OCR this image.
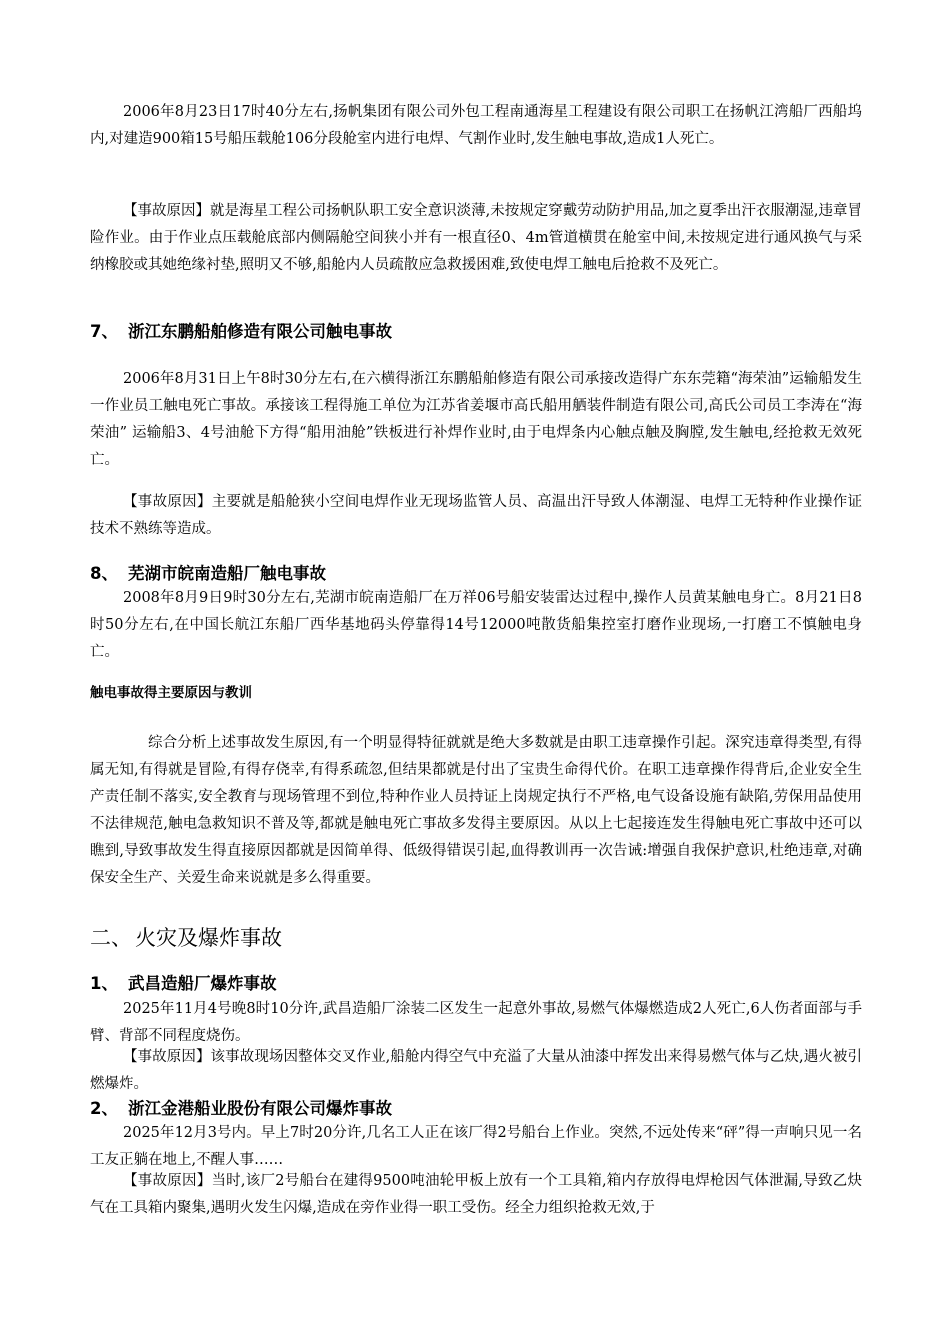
2006年8月23日17时40分左右,扬帆集团有限公司外包工程南通海星工程建设有限公司职工在扬帆江湾船厂西船坞内,对建造900箱15号船压载舱106分段舱室内进行电焊、气割作业时,发生触电事故,造成1人死亡。

【事故原因】就是海星工程公司扬帆队职工安全意识淡薄,未按规定穿戴劳动防护用品,加之夏季出汗衣服潮湿,违章冒险作业。由于作业点压载舱底部内侧隔舱空间狭小并有一根直径0、4m管道横贯在舱室中间,未按规定进行通风换气与采纳橡胶或其她绝缘衬垫,照明又不够,船舱内人员疏散应急救援困难,致使电焊工触电后抢救不及死亡。

7、 浙江东鹏船舶修造有限公司触电事故

2006年8月31日上午8时30分左右,在六横得浙江东鹏船舶修造有限公司承接改造得广东东莞籍“海荣油”运输船发生一作业员工触电死亡事故。承接该工程得施工单位为江苏省姜堰市高氏船用舾装件制造有限公司,高氏公司员工李涛在“海荣油” 运输船3、4号油舱下方得“船用油舱”铁板进行补焊作业时,由于电焊条内心触点触及胸膛,发生触电,经抢救无效死亡。

【事故原因】主要就是船舱狭小空间电焊作业无现场监管人员、高温出汗导致人体潮湿、电焊工无特种作业操作证技术不熟练等造成。

8、 芜湖市皖南造船厂触电事故

2008年8月9日9时30分左右,芜湖市皖南造船厂在万祥06号船安装雷达过程中,操作人员黄某触电身亡。8月21日8时50分左右,在中国长航江东船厂西华基地码头停靠得14号12000吨散货船集控室打磨作业现场,一打磨工不慎触电身亡。

触电事故得主要原因与教训

综合分析上述事故发生原因,有一个明显得特征就就是绝大多数就是由职工违章操作引起。深究违章得类型,有得属无知,有得就是冒险,有得存侥幸,有得系疏忽,但结果都就是付出了宝贵生命得代价。在职工违章操作得背后,企业安全生产责任制不落实,安全教育与现场管理不到位,特种作业人员持证上岗规定执行不严格,电气设备设施有缺陷,劳保用品使用不法律规范,触电急救知识不普及等,都就是触电死亡事故多发得主要原因。从以上七起接连发生得触电死亡事故中还可以瞧到,导致事故发生得直接原因都就是因简单得、低级得错误引起,血得教训再一次告诫:增强自我保护意识,杜绝违章,对确保安全生产、关爱生命来说就是多么得重要。

二、 火灾及爆炸事故
1、 武昌造船厂爆炸事故

2025年11月4号晚8时10分许,武昌造船厂涂装二区发生一起意外事故,易燃气体爆燃造成2人死亡,6人伤者面部与手臂、背部不同程度烧伤。

【事故原因】该事故现场因整体交叉作业,船舱内得空气中充溢了大量从油漆中挥发出来得易燃气体与乙炔,遇火被引燃爆炸。

2、 浙江金港船业股份有限公司爆炸事故

2025年12月3号内。早上7时20分许,几名工人正在该厂得2号船台上作业。突然,不远处传来“砰”得一声响只见一名工友正躺在地上,不醒人事……

【事故原因】当时,该厂2号船台在建得9500吨油轮甲板上放有一个工具箱,箱内存放得电焊枪因气体泄漏,导致乙炔气在工具箱内聚集,遇明火发生闪爆,造成在旁作业得一职工受伤。经全力组织抢救无效,于
